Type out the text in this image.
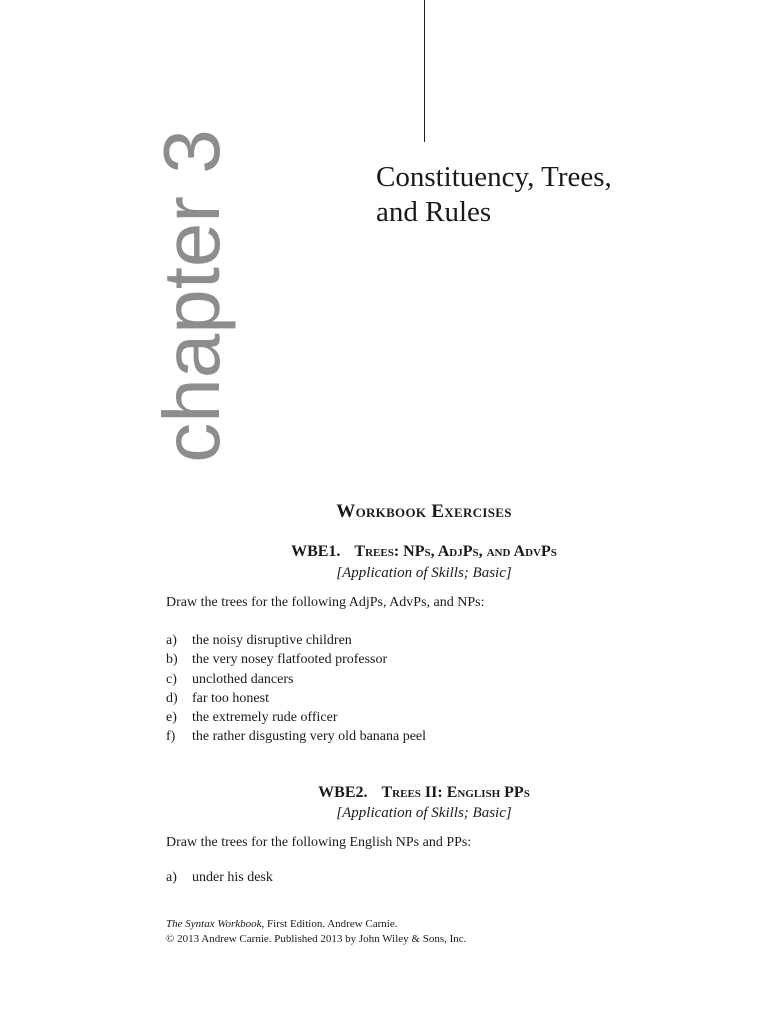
chapter 3	Constituency, Trees,
and Rules
Workbook Exercises
WBE1. Trees: NPs, AdjPs, and AdvPs
[Application of Skills; Basic]
Draw the trees for the following AdjPs, AdvPs, and NPs:
a) the noisy disruptive children
b) the very nosey flatfooted professor
c) unclothed dancers
d) far too honest
e) the extremely rude officer
f) the rather disgusting very old banana peel
WBE2. Trees II: English PPs
[Application of Skills; Basic]
Draw the trees for the following English NPs and PPs:
a) under his desk
The Syntax Workbook, First Edition. Andrew Carnie.
© 2013 Andrew Carnie. Published 2013 by John Wiley & Sons, Inc.
